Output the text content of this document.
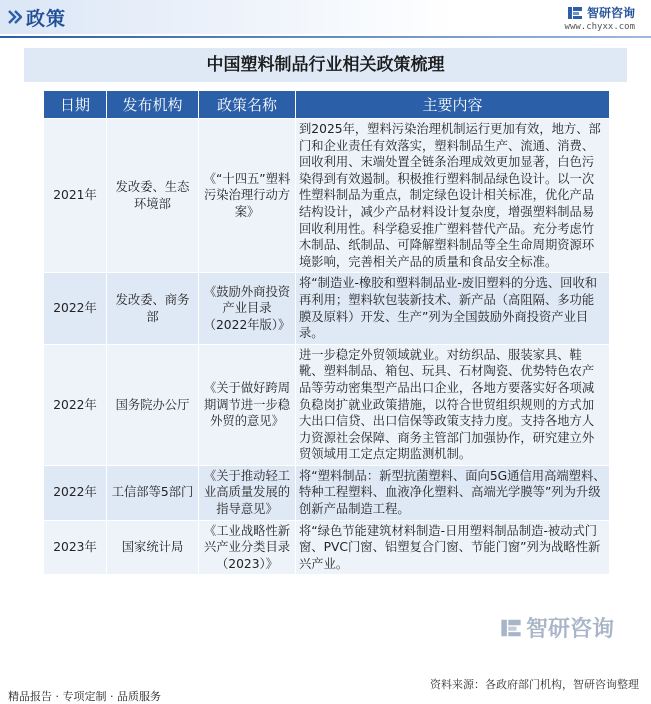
政策	智研咨询
www.chyxx.com
中国塑料制品行业相关政策梳理
日期	发布机构	政策名称	主要内容
2021年	发改委、生态环境部	《“十四五”塑料污染治理行动方案》	到2025年，塑料污染治理机制运行更加有效，地方、部门和企业责任有效落实，塑料制品生产、流通、消费、回收利用、末端处置全链条治理成效更加显著，白色污染得到有效遏制。积极推行塑料制品绿色设计。以一次性塑料制品为重点，制定绿色设计相关标准，优化产品结构设计，减少产品材料设计复杂度，增强塑料制品易回收利用性。科学稳妥推广塑料替代产品。充分考虑竹木制品、纸制品、可降解塑料制品等全生命周期资源环境影响，完善相关产品的质量和食品安全标准。
2022年	发改委、商务部	《鼓励外商投资产业目录（2022年版）》	将“制造业-橡胶和塑料制品业-废旧塑料的分选、回收和再利用；塑料软包装新技术、新产品（高阻隔、多功能膜及原料）开发、生产”列为全国鼓励外商投资产业目录。
2022年	国务院办公厅	《关于做好跨周期调节进一步稳外贸的意见》	进一步稳定外贸领域就业。对纺织品、服装家具、鞋靴、塑料制品、箱包、玩具、石材陶瓷、优势特色农产品等劳动密集型产品出口企业，各地方要落实好各项减负稳岗扩就业政策措施，以符合世贸组织规则的方式加大出口信贷、出口信保等政策支持力度。支持各地方人力资源社会保障、商务主管部门加强协作，研究建立外贸领域用工定点定期监测机制。
2022年	工信部等5部门	《关于推动轻工业高质量发展的指导意见》	将“塑料制品：新型抗菌塑料、面向5G通信用高端塑料、特种工程塑料、血液净化塑料、高端光学膜等”列为升级创新产品制造工程。
2023年	国家统计局	《工业战略性新兴产业分类目录（2023）》	将“绿色节能建筑材料制造-日用塑料制品制造-被动式门窗、PVC门窗、铝塑复合门窗、节能门窗”列为战略性新兴产业。
智研咨询
资料来源：各政府部门机构，智研咨询整理
精品报告 · 专项定制 · 品质服务
